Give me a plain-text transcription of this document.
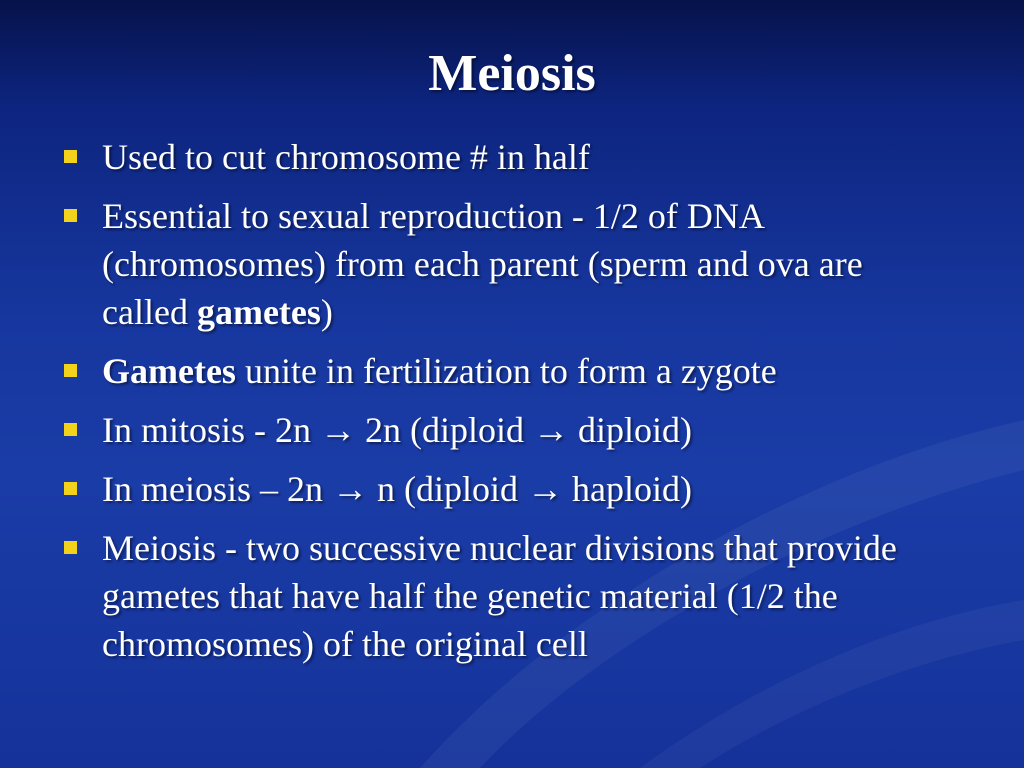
Meiosis
Used to cut chromosome # in half
Essential to sexual reproduction - 1/2 of DNA (chromosomes) from each parent (sperm and ova are called gametes)
Gametes unite in fertilization to form a zygote
In mitosis - 2n → 2n (diploid → diploid)
In meiosis – 2n → n (diploid → haploid)
Meiosis - two successive nuclear divisions that provide gametes that have half the genetic material (1/2 the chromosomes) of the original cell
